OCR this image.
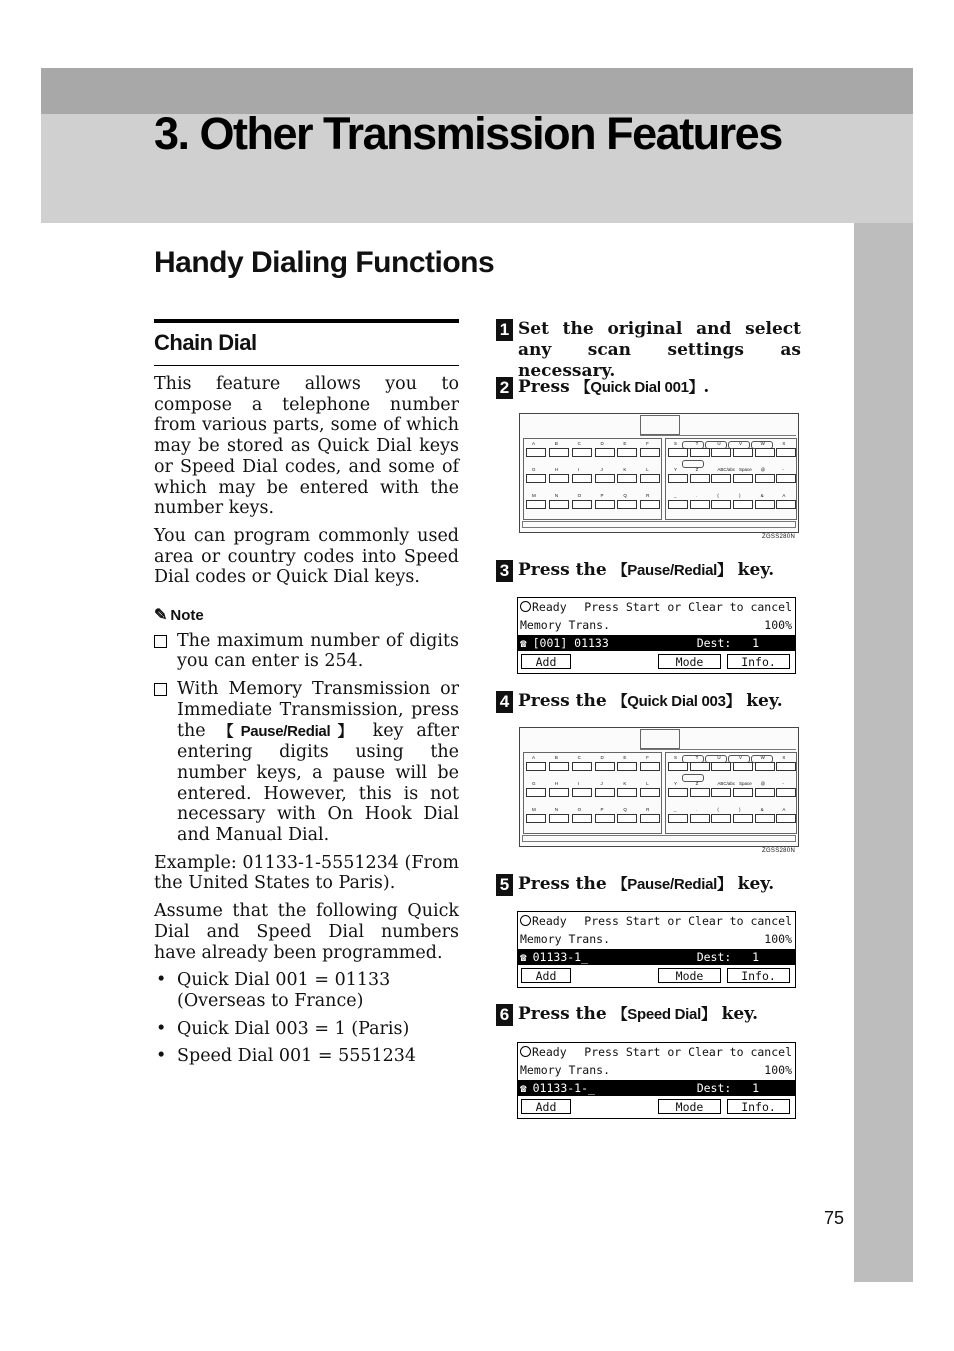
3. Other Transmission Features
Handy Dialing Functions
Chain Dial

This feature allows you to compose a telephone number from various parts, some of which may be stored as Quick Dial keys or Speed Dial codes, and some of which may be entered with the number keys.

You can program commonly used area or country codes into Speed Dial codes or Quick Dial keys.

✎ Note
The maximum number of digits you can enter is 254.
With Memory Transmission or Immediate Transmission, press the 【Pause/Redial】 key after entering digits using the number keys, a pause will be entered. However, this is not necessary with On Hook Dial and Manual Dial.

Example: 01133-1-5551234 (From the United States to Paris).

Assume that the following Quick Dial and Speed Dial numbers have already been programmed.

• Quick Dial 001 = 01133 (Overseas to France)
• Quick Dial 003 = 1 (Paris)
• Speed Dial 001 = 5551234
1 Set the original and select any scan settings as necessary.
2 Press 【Quick Dial 001】.
A	B	C	D	E	F
G	H	I	J	K	L
M	N	O	P	Q	R
S	T	U	V	W	X
Y	Z	ABC/abc Space @	-
_	.	(	)	&	A
ZGSS280N
3 Press the 【Pause/Redial】 key.
Ready Press Start or Clear to cancel
Memory Trans.	100%
☎ [001] 01133	Dest:   1
Add	Mode	Info.
4 Press the 【Quick Dial 003】 key.
A	B	C	D	E	F
G	H	I	J	K	L
M	N	O	P	Q	R
S	T	U	V	W	X
Y	Z	ABC/abc Space @	-
_	.	(	)	&	A
ZGSS280N
5 Press the 【Pause/Redial】 key.
Ready Press Start or Clear to cancel
Memory Trans.	100%
☎ 01133-1_	Dest:   1
Add	Mode	Info.
6 Press the 【Speed Dial】 key.
Ready Press Start or Clear to cancel
Memory Trans.	100%
☎ 01133-1-_	Dest:   1
Add	Mode	Info.
75
